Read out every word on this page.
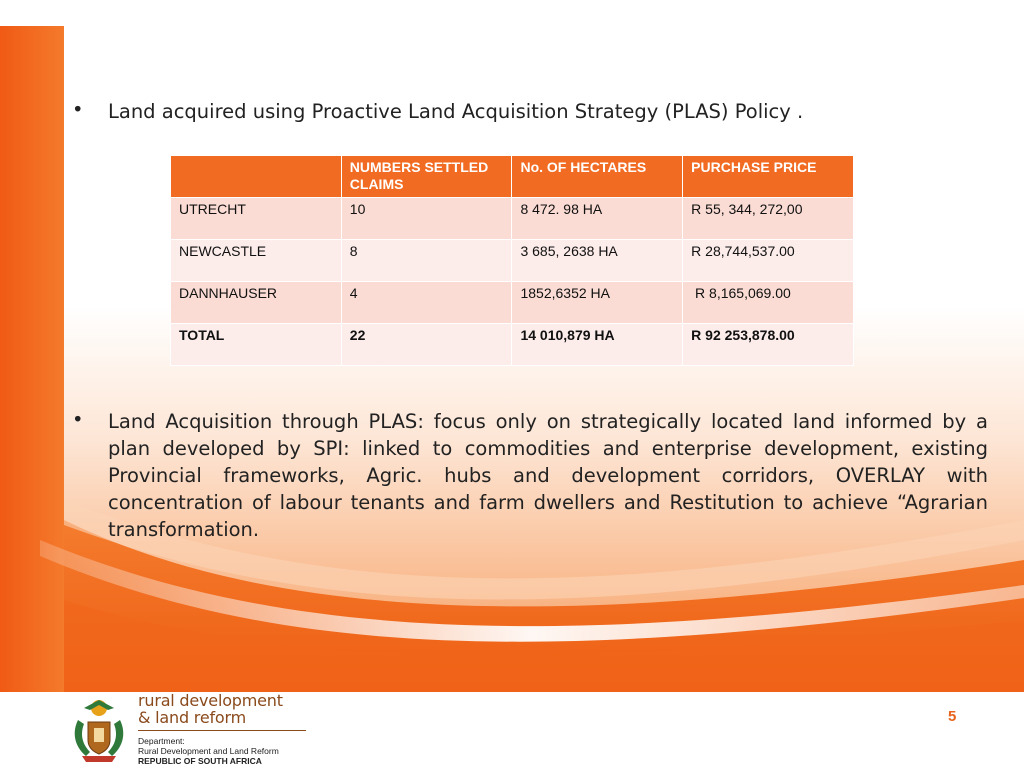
•	Land acquired using Proactive Land Acquisition Strategy (PLAS) Policy .
	NUMBERS SETTLED CLAIMS	No. OF HECTARES	PURCHASE PRICE
UTRECHT	10	8 472. 98 HA	R 55, 344, 272,00
NEWCASTLE	8	3 685, 2638 HA	R 28,744,537.00
DANNHAUSER	4	1852,6352 HA	R 8,165,069.00
TOTAL	22	14 010,879 HA	R 92 253,878.00
•	Land Acquisition through PLAS: focus only on strategically located land informed by a plan developed by SPI: linked to commodities and enterprise development, existing Provincial frameworks, Agric. hubs and development corridors, OVERLAY with concentration of labour tenants and farm dwellers and Restitution to achieve “Agrarian transformation.
rural development
& land reform
Department:
Rural Development and Land Reform
REPUBLIC OF SOUTH AFRICA
5
